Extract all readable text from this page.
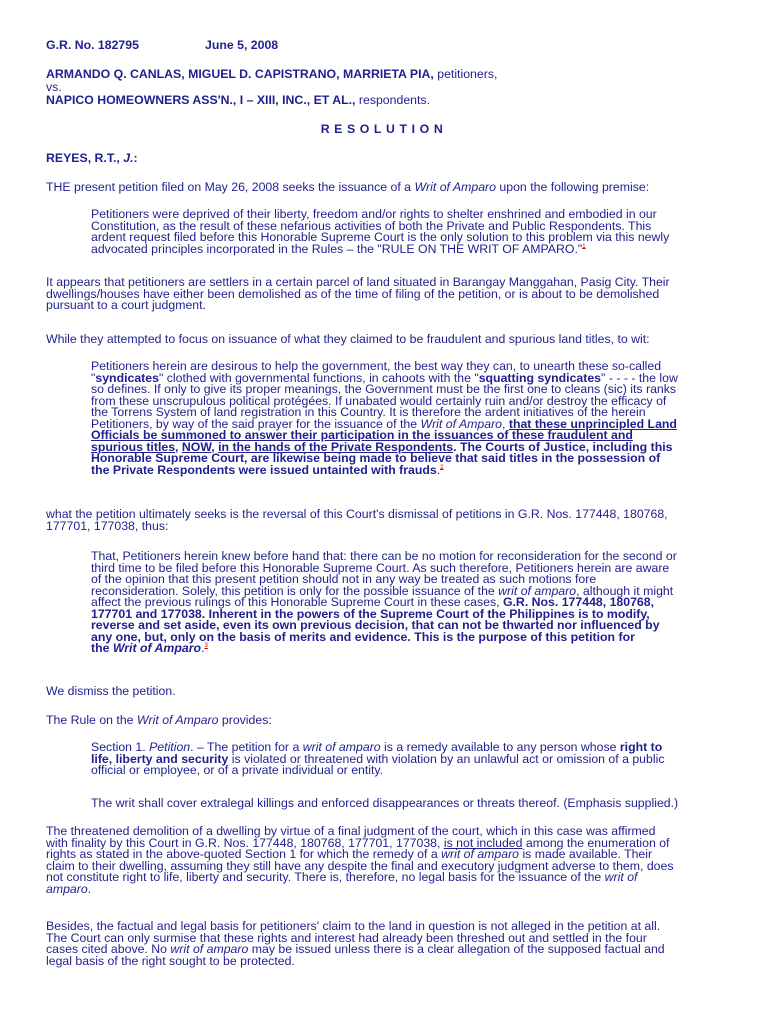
G.R. No. 182795	June 5, 2008
ARMANDO Q. CANLAS, MIGUEL D. CAPISTRANO, MARRIETA PIA, petitioners,
vs.
NAPICO HOMEOWNERS ASS'N., I – XIII, INC., ET AL., respondents.
RESOLUTION
REYES, R.T., J.:
THE present petition filed on May 26, 2008 seeks the issuance of a Writ of Amparo upon the following premise:
Petitioners were deprived of their liberty, freedom and/or rights to shelter enshrined and embodied in our
Constitution, as the result of these nefarious activities of both the Private and Public Respondents. This
ardent request filed before this Honorable Supreme Court is the only solution to this problem via this newly
advocated principles incorporated in the Rules – the "RULE ON THE WRIT OF AMPARO."$^1$
It appears that petitioners are settlers in a certain parcel of land situated in Barangay Manggahan, Pasig City. Their
dwellings/houses have either been demolished as of the time of filing of the petition, or is about to be demolished
pursuant to a court judgment.
While they attempted to focus on issuance of what they claimed to be fraudulent and spurious land titles, to wit:
Petitioners herein are desirous to help the government, the best way they can, to unearth these so-called
"syndicates" clothed with governmental functions, in cahoots with the "squatting syndicates" - - - - the low
so defines. If only to give its proper meanings, the Government must be the first one to cleans (sic) its ranks
from these unscrupulous political protégées. If unabated would certainly ruin and/or destroy the efficacy of
the Torrens System of land registration in this Country. It is therefore the ardent initiatives of the herein
Petitioners, by way of the said prayer for the issuance of the Writ of Amparo, that these unprincipled Land
Officials be summoned to answer their participation in the issuances of these fraudulent and
spurious titles, NOW, in the hands of the Private Respondents. The Courts of Justice, including this
Honorable Supreme Court, are likewise being made to believe that said titles in the possession of
the Private Respondents were issued untainted with frauds.$^2$
what the petition ultimately seeks is the reversal of this Court's dismissal of petitions in G.R. Nos. 177448, 180768,
177701, 177038, thus:
That, Petitioners herein knew before hand that: there can be no motion for reconsideration for the second or
third time to be filed before this Honorable Supreme Court. As such therefore, Petitioners herein are aware
of the opinion that this present petition should not in any way be treated as such motions fore
reconsideration. Solely, this petition is only for the possible issuance of the writ of amparo, although it might
affect the previous rulings of this Honorable Supreme Court in these cases, G.R. Nos. 177448, 180768,
177701 and 177038. Inherent in the powers of the Supreme Court of the Philippines is to modify,
reverse and set aside, even its own previous decision, that can not be thwarted nor influenced by
any one, but, only on the basis of merits and evidence. This is the purpose of this petition for
the Writ of Amparo.$^3$
We dismiss the petition.
The Rule on the Writ of Amparo provides:
Section 1. Petition. – The petition for a writ of amparo is a remedy available to any person whose right to
life, liberty and security is violated or threatened with violation by an unlawful act or omission of a public
official or employee, or of a private individual or entity.
The writ shall cover extralegal killings and enforced disappearances or threats thereof. (Emphasis supplied.)
The threatened demolition of a dwelling by virtue of a final judgment of the court, which in this case was affirmed
with finality by this Court in G.R. Nos. 177448, 180768, 177701, 177038, is not included among the enumeration of
rights as stated in the above-quoted Section 1 for which the remedy of a writ of amparo is made available. Their
claim to their dwelling, assuming they still have any despite the final and executory judgment adverse to them, does
not constitute right to life, liberty and security. There is, therefore, no legal basis for the issuance of the writ of
amparo.
Besides, the factual and legal basis for petitioners' claim to the land in question is not alleged in the petition at all.
The Court can only surmise that these rights and interest had already been threshed out and settled in the four
cases cited above. No writ of amparo may be issued unless there is a clear allegation of the supposed factual and
legal basis of the right sought to be protected.
